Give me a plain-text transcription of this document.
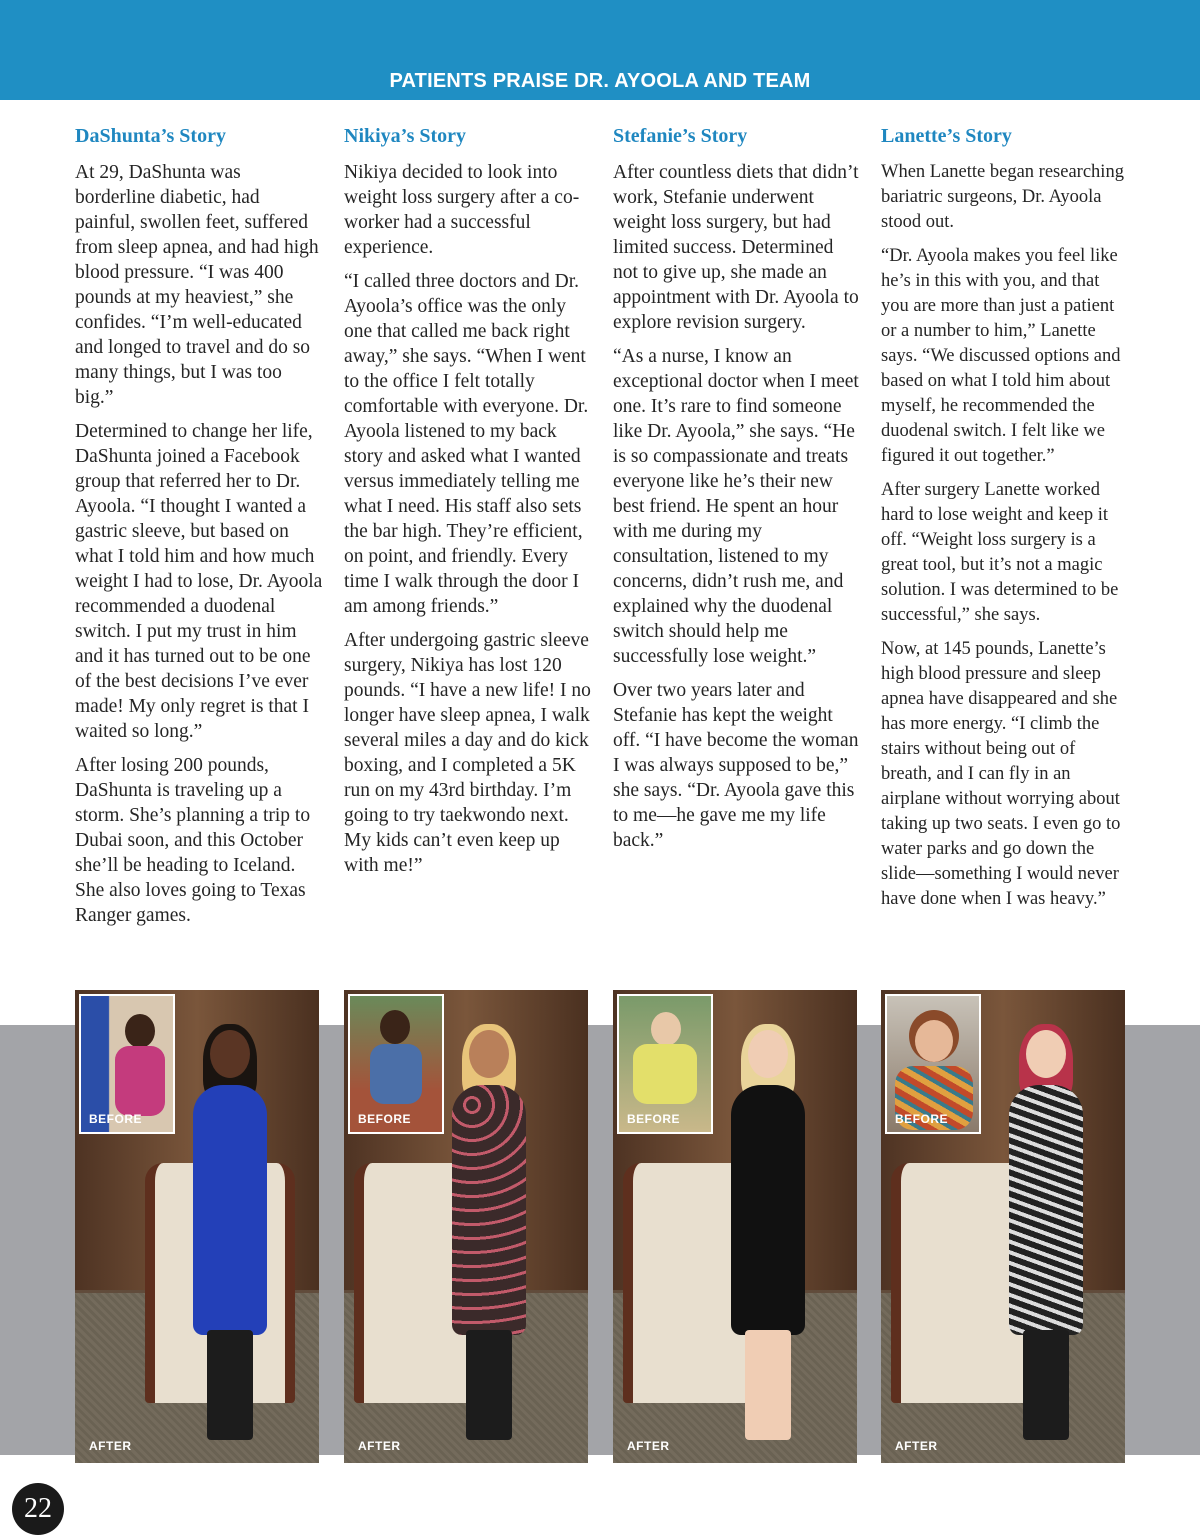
PATIENTS PRAISE DR. AYOOLA AND TEAM
DaShunta’s Story

At 29, DaShunta was borderline diabetic, had painful, swollen feet, suffered from sleep apnea, and had high blood pressure. “I was 400 pounds at my heaviest,” she confides. “I’m well-educated and longed to travel and do so many things, but I was too big.”

Determined to change her life, DaShunta joined a Facebook group that referred her to Dr. Ayoola. “I thought I wanted a gastric sleeve, but based on what I told him and how much weight I had to lose, Dr. Ayoola recommended a duodenal switch. I put my trust in him and it has turned out to be one of the best decisions I’ve ever made! My only regret is that I waited so long.”

After losing 200 pounds, DaShunta is traveling up a storm. She’s planning a trip to Dubai soon, and this October she’ll be heading to Iceland. She also loves going to Texas Ranger games.

Nikiya’s Story

Nikiya decided to look into weight loss surgery after a co-worker had a successful experience.

“I called three doctors and Dr. Ayoola’s office was the only one that called me back right away,” she says. “When I went to the office I felt totally comfortable with everyone. Dr. Ayoola listened to my back story and asked what I wanted versus immediately telling me what I need. His staff also sets the bar high. They’re efficient, on point, and friendly. Every time I walk through the door I am among friends.”

After undergoing gastric sleeve surgery, Nikiya has lost 120 pounds. “I have a new life! I no longer have sleep apnea, I walk several miles a day and do kick boxing, and I completed a 5K run on my 43rd birthday. I’m going to try taekwondo next. My kids can’t even keep up with me!”

Stefanie’s Story

After countless diets that didn’t work, Stefanie underwent weight loss surgery, but had limited success. Determined not to give up, she made an appointment with Dr. Ayoola to explore revision surgery.

“As a nurse, I know an exceptional doctor when I meet one. It’s rare to find someone like Dr. Ayoola,” she says. “He is so compassionate and treats everyone like he’s their new best friend. He spent an hour with me during my consultation, listened to my concerns, didn’t rush me, and explained why the duodenal switch should help me successfully lose weight.”

Over two years later and Stefanie has kept the weight off. “I have become the woman I was always supposed to be,” she says. “Dr. Ayoola gave this to me—he gave me my life back.”

Lanette’s Story

When Lanette began researching bariatric surgeons, Dr. Ayoola stood out.

“Dr. Ayoola makes you feel like he’s in this with you, and that you are more than just a patient or a number to him,” Lanette says. “We discussed options and based on what I told him about myself, he recommended the duodenal switch. I felt like we figured it out together.”

After surgery Lanette worked hard to lose weight and keep it off. “Weight loss surgery is a great tool, but it’s not a magic solution. I was determined to be successful,” she says.

Now, at 145 pounds, Lanette’s high blood pressure and sleep apnea have disappeared and she has more energy. “I climb the stairs without being out of breath, and I can fly in an airplane without worrying about taking up two seats. I even go to water parks and go down the slide—something I would never have done when I was heavy.”

BEFORE
AFTER
BEFORE
AFTER
BEFORE
AFTER
BEFORE
AFTER
22
